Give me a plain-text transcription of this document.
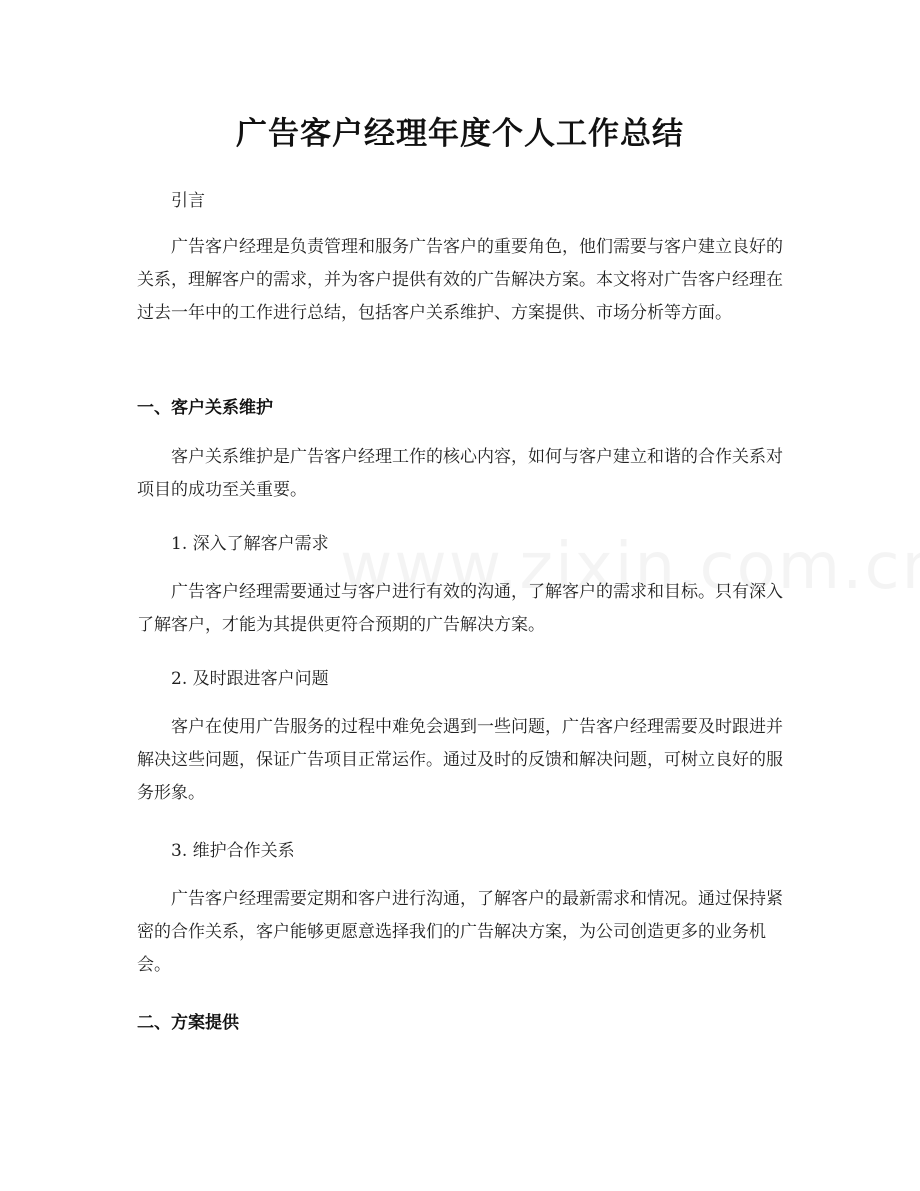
广告客户经理年度个人工作总结
引言
广告客户经理是负责管理和服务广告客户的重要角色，他们需要与客户建立良好的关系，理解客户的需求，并为客户提供有效的广告解决方案。本文将对广告客户经理在过去一年中的工作进行总结，包括客户关系维护、方案提供、市场分析等方面。
一、客户关系维护
客户关系维护是广告客户经理工作的核心内容，如何与客户建立和谐的合作关系对项目的成功至关重要。
1. 深入了解客户需求
广告客户经理需要通过与客户进行有效的沟通，了解客户的需求和目标。只有深入了解客户，才能为其提供更符合预期的广告解决方案。
2. 及时跟进客户问题
客户在使用广告服务的过程中难免会遇到一些问题，广告客户经理需要及时跟进并解决这些问题，保证广告项目正常运作。通过及时的反馈和解决问题，可树立良好的服务形象。
3. 维护合作关系
广告客户经理需要定期和客户进行沟通，了解客户的最新需求和情况。通过保持紧密的合作关系，客户能够更愿意选择我们的广告解决方案，为公司创造更多的业务机会。
二、方案提供
